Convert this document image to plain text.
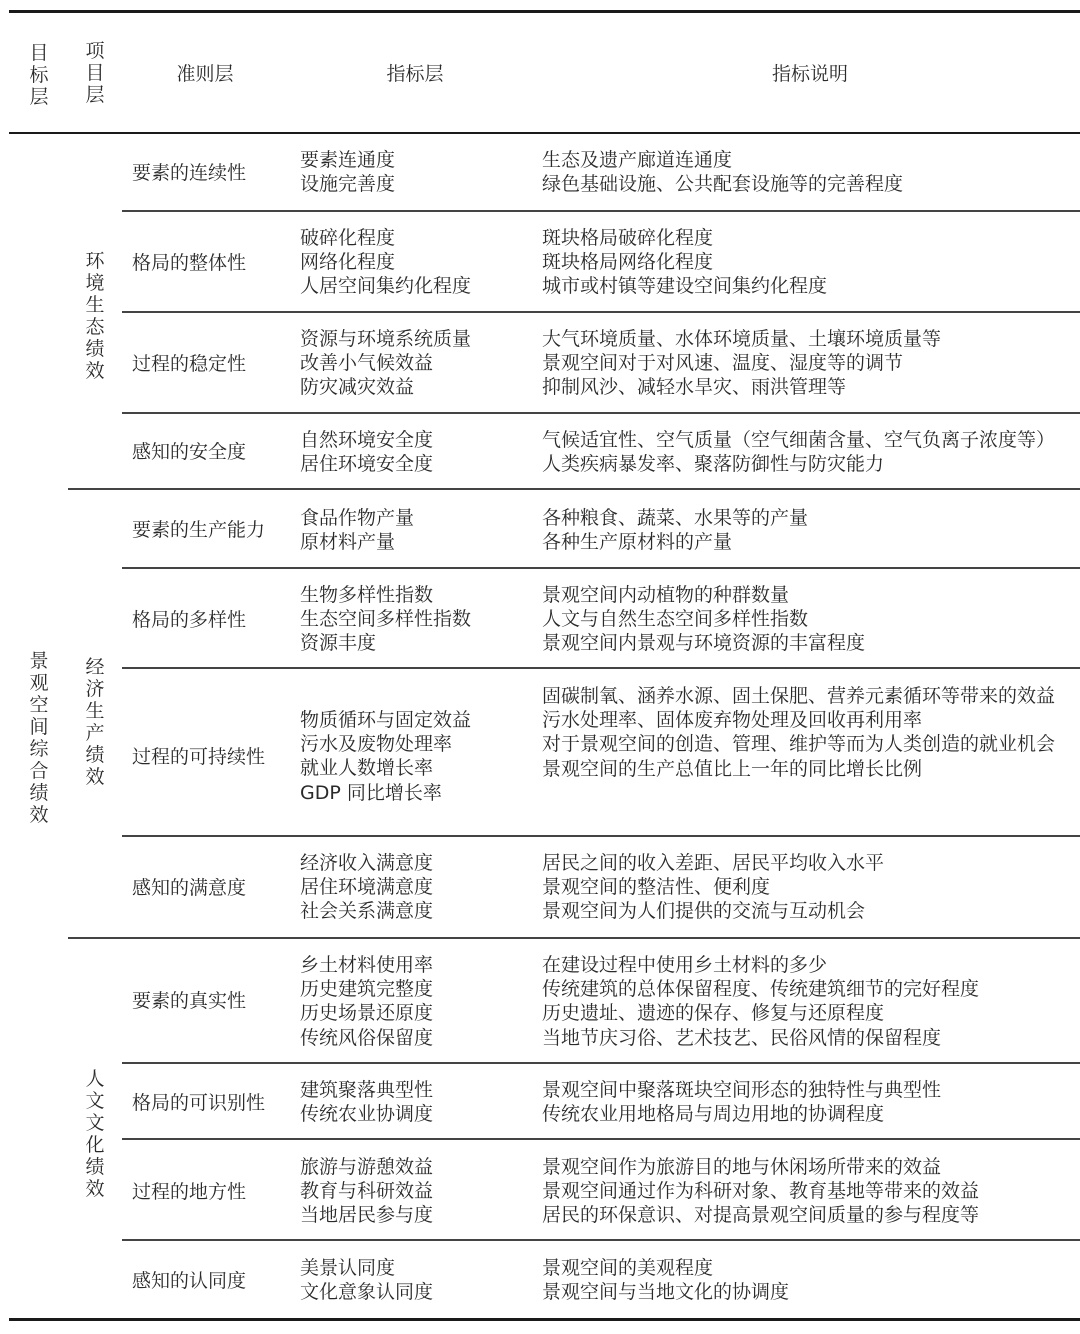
目标层
项目层
准则层	指标层	指标说明
景观空间综合绩效
环境生态绩效
经济生产绩效
人文文化绩效
要素的连续性
要素连通度
设施完善度
生态及遗产廊道连通度
绿色基础设施、公共配套设施等的完善程度
格局的整体性
破碎化程度
网络化程度
人居空间集约化程度
斑块格局破碎化程度
斑块格局网络化程度
城市或村镇等建设空间集约化程度
过程的稳定性
资源与环境系统质量
改善小气候效益
防灾减灾效益
大气环境质量、水体环境质量、土壤环境质量等
景观空间对于对风速、温度、湿度等的调节
抑制风沙、减轻水旱灾、雨洪管理等
感知的安全度
自然环境安全度
居住环境安全度
气候适宜性、空气质量（空气细菌含量、空气负离子浓度等）
人类疾病暴发率、聚落防御性与防灾能力
要素的生产能力
食品作物产量
原材料产量
各种粮食、蔬菜、水果等的产量
各种生产原材料的产量
格局的多样性
生物多样性指数
生态空间多样性指数
资源丰度
景观空间内动植物的种群数量
人文与自然生态空间多样性指数
景观空间内景观与环境资源的丰富程度
过程的可持续性
物质循环与固定效益
污水及废物处理率
就业人数增长率
GDP 同比增长率
固碳制氧、涵养水源、固土保肥、营养元素循环等带来的效益
污水处理率、固体废弃物处理及回收再利用率
对于景观空间的创造、管理、维护等而为人类创造的就业机会
景观空间的生产总值比上一年的同比增长比例
感知的满意度
经济收入满意度
居住环境满意度
社会关系满意度
居民之间的收入差距、居民平均收入水平
景观空间的整洁性、便利度
景观空间为人们提供的交流与互动机会
要素的真实性
乡土材料使用率
历史建筑完整度
历史场景还原度
传统风俗保留度
在建设过程中使用乡土材料的多少
传统建筑的总体保留程度、传统建筑细节的完好程度
历史遗址、遗迹的保存、修复与还原程度
当地节庆习俗、艺术技艺、民俗风情的保留程度
格局的可识别性
建筑聚落典型性
传统农业协调度
景观空间中聚落斑块空间形态的独特性与典型性
传统农业用地格局与周边用地的协调程度
过程的地方性
旅游与游憩效益
教育与科研效益
当地居民参与度
景观空间作为旅游目的地与休闲场所带来的效益
景观空间通过作为科研对象、教育基地等带来的效益
居民的环保意识、对提高景观空间质量的参与程度等
感知的认同度
美景认同度
文化意象认同度
景观空间的美观程度
景观空间与当地文化的协调度
